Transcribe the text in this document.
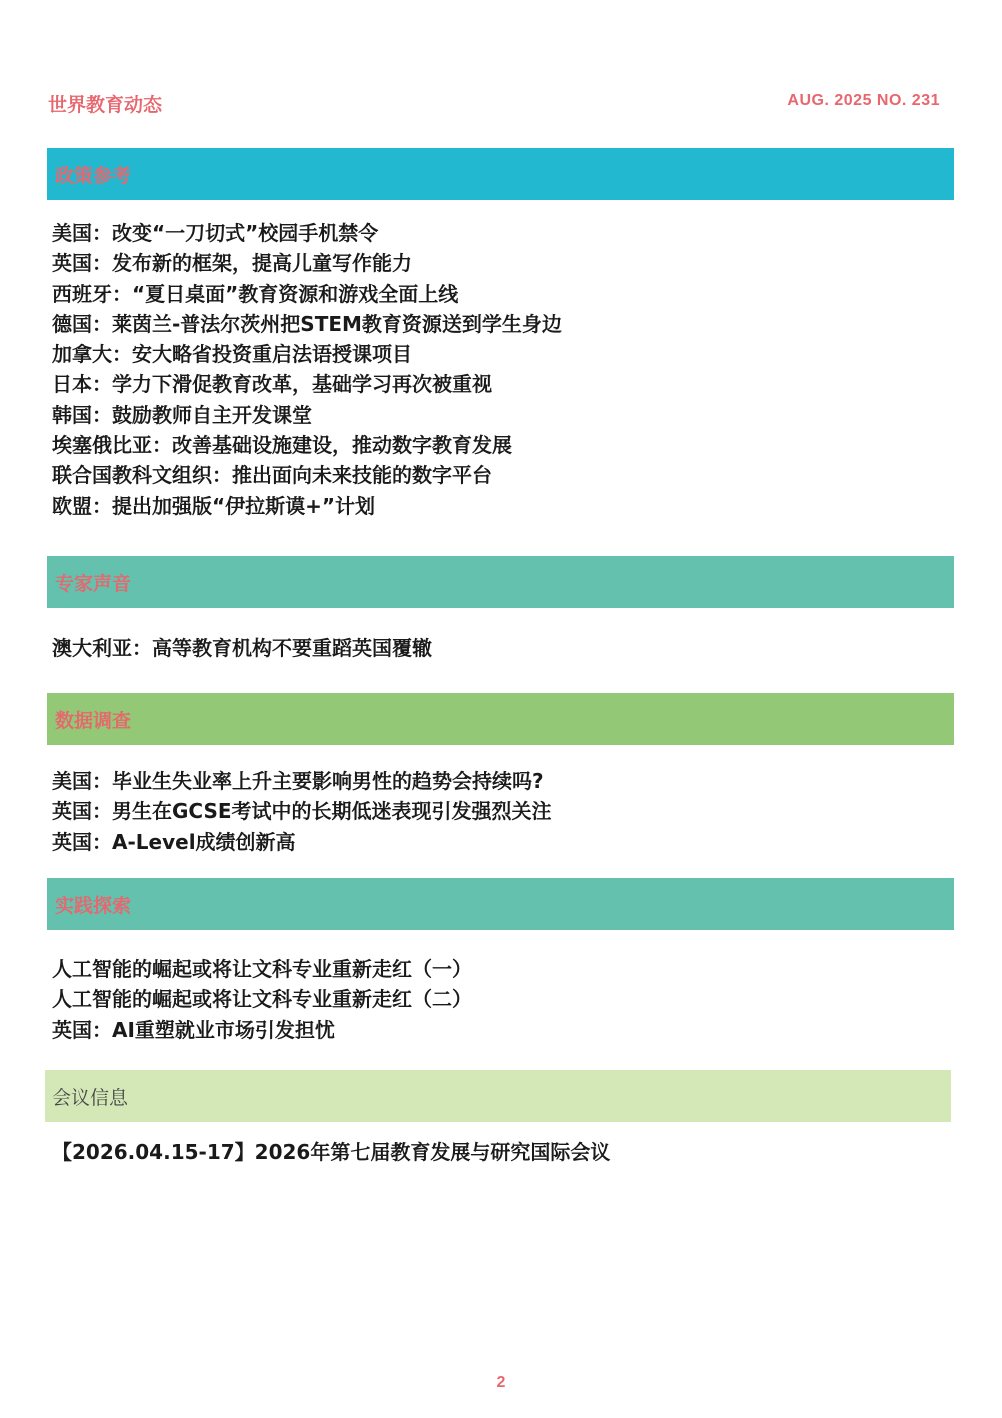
世界教育动态	AUG. 2025 NO. 231
政策参考
美国：改变“一刀切式”校园手机禁令
英国：发布新的框架，提高儿童写作能力
西班牙：“夏日桌面”教育资源和游戏全面上线
德国：莱茵兰-普法尔茨州把STEM教育资源送到学生身边
加拿大：安大略省投资重启法语授课项目
日本：学力下滑促教育改革，基础学习再次被重视
韩国：鼓励教师自主开发课堂
埃塞俄比亚：改善基础设施建设，推动数字教育发展
联合国教科文组织：推出面向未来技能的数字平台
欧盟：提出加强版“伊拉斯谟+”计划
专家声音
澳大利亚：高等教育机构不要重蹈英国覆辙
数据调查
美国：毕业生失业率上升主要影响男性的趋势会持续吗?
英国：男生在GCSE考试中的长期低迷表现引发强烈关注
英国：A-Level成绩创新高
实践探索
人工智能的崛起或将让文科专业重新走红（一）
人工智能的崛起或将让文科专业重新走红（二）
英国：AI重塑就业市场引发担忧
会议信息
【2026.04.15-17】2026年第七届教育发展与研究国际会议
2
